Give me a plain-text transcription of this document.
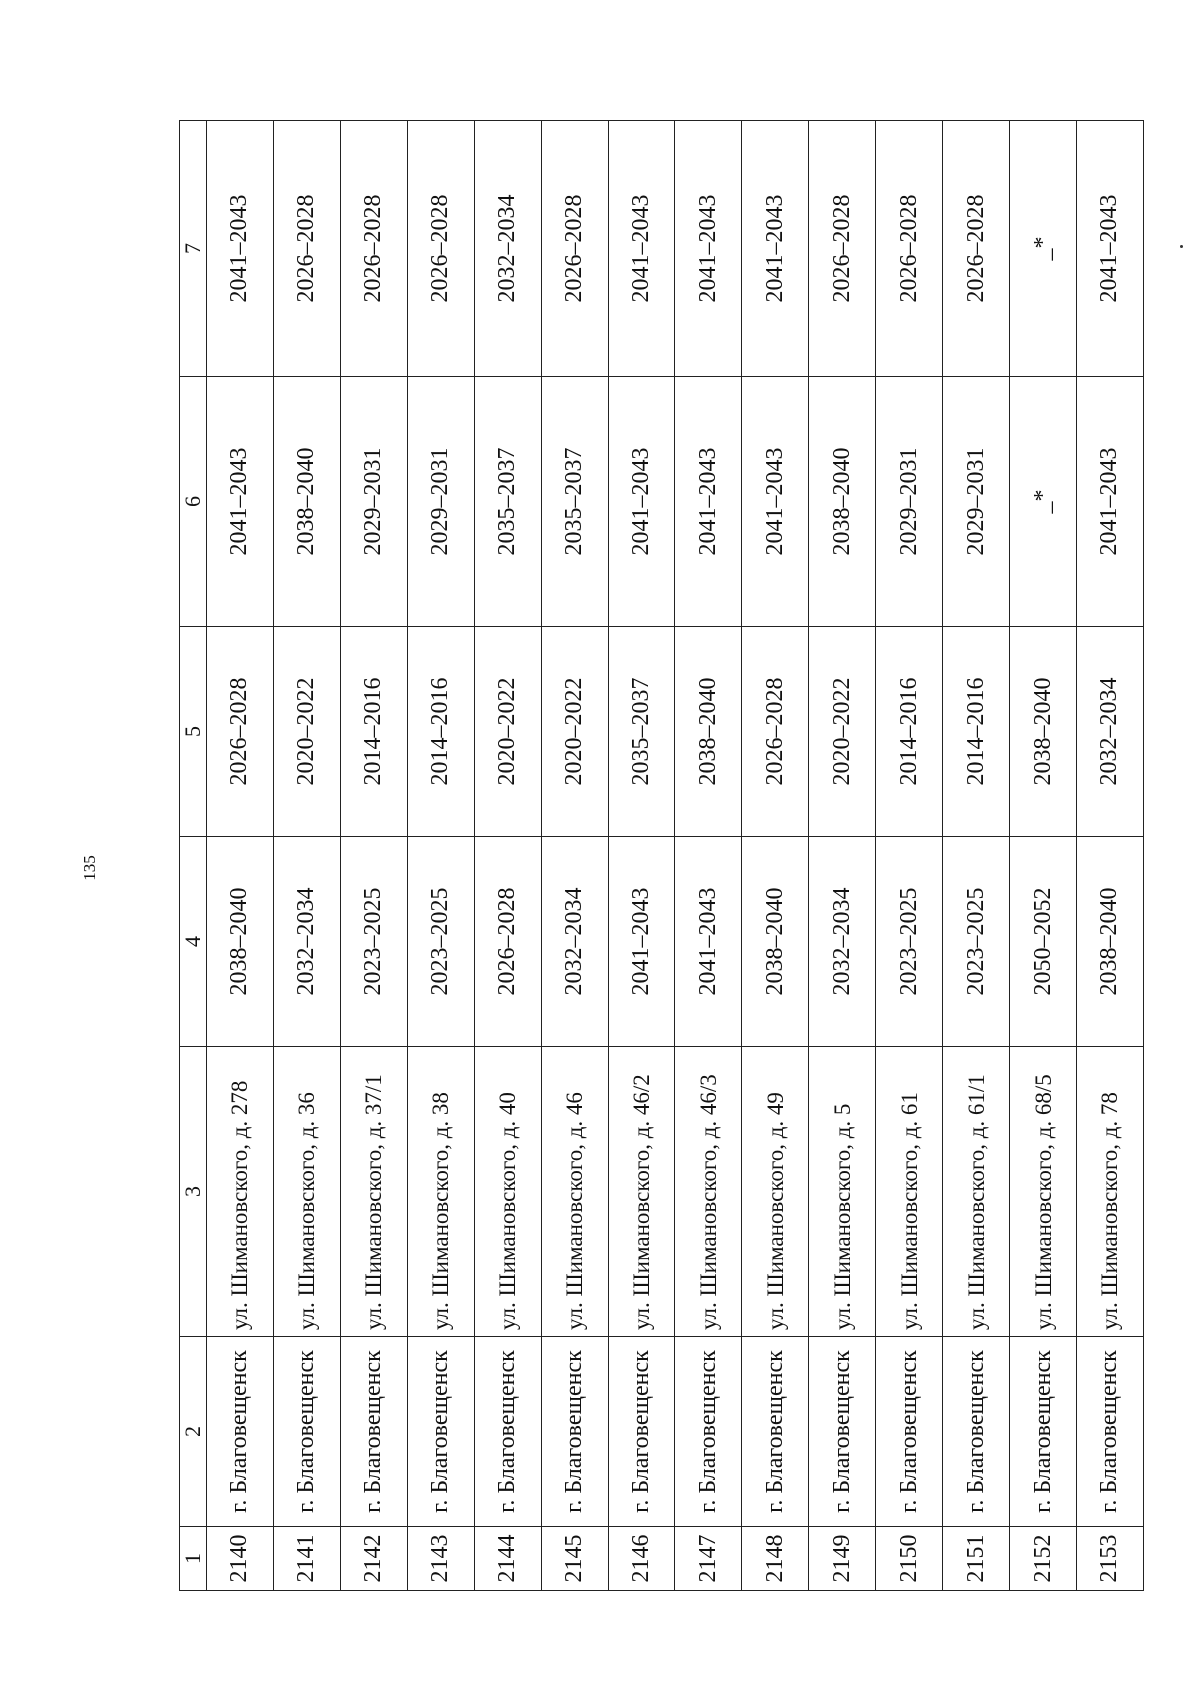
135
1	2	3	4	5	6	7
2140	г. Благовещенск	ул. Шимановского, д. 278	2038–2040	2026–2028	2041–2043	2041–2043
2141	г. Благовещенск	ул. Шимановского, д. 36	2032–2034	2020–2022	2038–2040	2026–2028
2142	г. Благовещенск	ул. Шимановского, д. 37/1	2023–2025	2014–2016	2029–2031	2026–2028
2143	г. Благовещенск	ул. Шимановского, д. 38	2023–2025	2014–2016	2029–2031	2026–2028
2144	г. Благовещенск	ул. Шимановского, д. 40	2026–2028	2020–2022	2035–2037	2032–2034
2145	г. Благовещенск	ул. Шимановского, д. 46	2032–2034	2020–2022	2035–2037	2026–2028
2146	г. Благовещенск	ул. Шимановского, д. 46/2	2041–2043	2035–2037	2041–2043	2041–2043
2147	г. Благовещенск	ул. Шимановского, д. 46/3	2041–2043	2038–2040	2041–2043	2041–2043
2148	г. Благовещенск	ул. Шимановского, д. 49	2038–2040	2026–2028	2041–2043	2041–2043
2149	г. Благовещенск	ул. Шимановского, д. 5	2032–2034	2020–2022	2038–2040	2026–2028
2150	г. Благовещенск	ул. Шимановского, д. 61	2023–2025	2014–2016	2029–2031	2026–2028
2151	г. Благовещенск	ул. Шимановского, д. 61/1	2023–2025	2014–2016	2029–2031	2026–2028
2152	г. Благовещенск	ул. Шимановского, д. 68/5	2050–2052	2038–2040	_*	_*
2153	г. Благовещенск	ул. Шимановского, д. 78	2038–2040	2032–2034	2041–2043	2041–2043
